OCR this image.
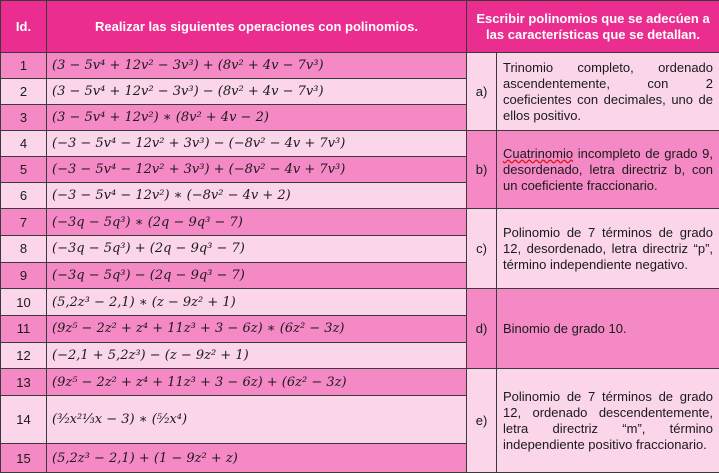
Id.	Realizar las siguientes operaciones con polinomios.	Escribir polinomios que se adecúen a las características que se detallan.	
1	(3 − 5v⁴ + 12v² − 3v³) + (8v² + 4v − 7v³)	a)	Trinomio completo, ordenado ascendentemente, con 2 coeficientes con decimales, uno de ellos positivo.
2	(3 − 5v⁴ + 12v² − 3v³) − (8v² + 4v − 7v³)		
3	(3 − 5v⁴ + 12v²) ∗ (8v² + 4v − 2)		
4	(−3 − 5v⁴ − 12v² + 3v³) − (−8v² − 4v + 7v³)	b)	Cuatrinomio incompleto de grado 9, desordenado, letra directriz b, con un coeficiente fraccionario.
5	(−3 − 5v⁴ − 12v² + 3v³) + (−8v² − 4v + 7v³)		
6	(−3 − 5v⁴ − 12v²) ∗ (−8v² − 4v + 2)		
7	(−3q − 5q³) ∗ (2q − 9q³ − 7)	c)	Polinomio de 7 términos de grado 12, desordenado, letra directriz “p”, término independiente negativo.
8	(−3q − 5q³) + (2q − 9q³ − 7)		
9	(−3q − 5q³) − (2q − 9q³ − 7)		
10	(5,2z³ − 2,1) ∗ (z − 9z² + 1)	d)	Binomio de grado 10.
11	(9z⁵ − 2z² + z⁴ + 11z³ + 3 − 6z) ∗ (6z² − 3z)		
12	(−2,1 + 5,2z³) − (z − 9z² + 1)		
13	(9z⁵ − 2z² + z⁴ + 11z³ + 3 − 6z) + (6z² − 3z)	e)	Polinomio de 7 términos de grado 12, ordenado descendentemente, letra directriz “m”, término independiente positivo fraccionario.
14	(³⁄₂x²¹⁄₃x − 3) ∗ (⁵⁄₂x⁴)		
15	(5,2z³ − 2,1) + (1 − 9z² + z)		
